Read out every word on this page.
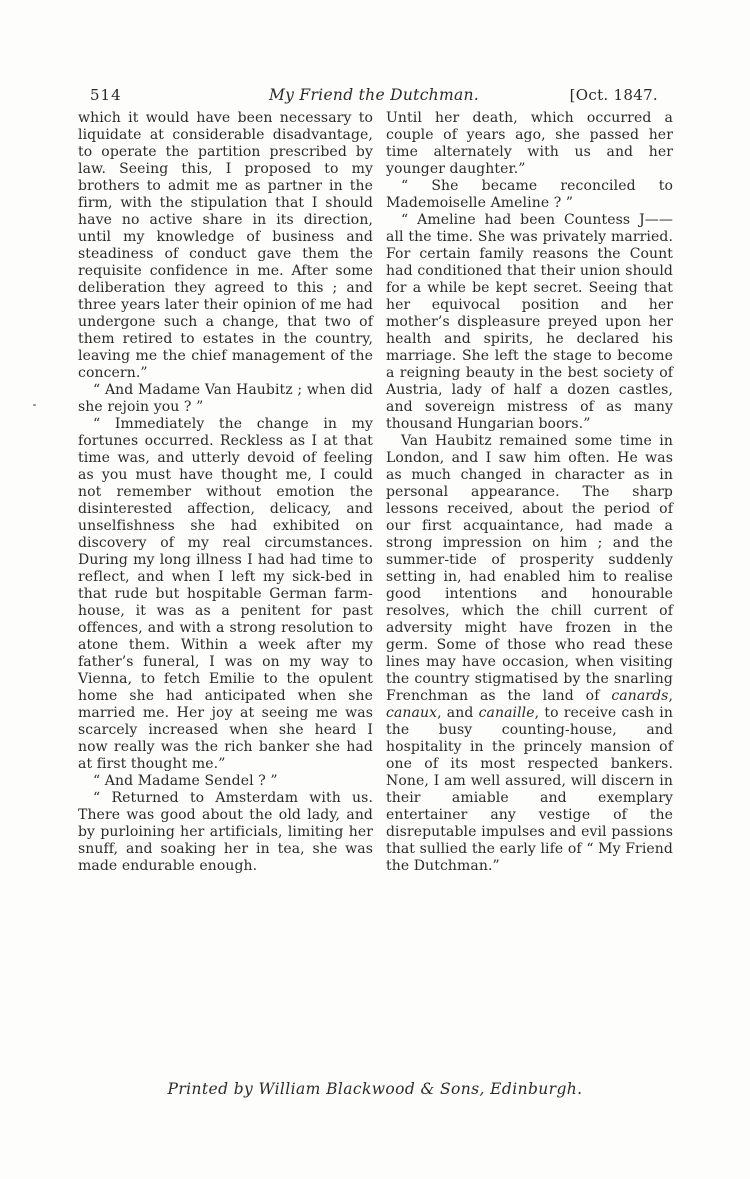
514	My Friend the Dutchman.	[Oct. 1847.

which it would have been necessary to liquidate at considerable disadvantage, to operate the partition prescribed by law. Seeing this, I proposed to my brothers to admit me as partner in the firm, with the stipulation that I should have no active share in its direction, until my knowledge of business and steadiness of conduct gave them the requisite confidence in me. After some deliberation they agreed to this ; and three years later their opinion of me had undergone such a change, that two of them retired to estates in the country, leaving me the chief management of the concern.”

“ And Madame Van Haubitz ; when did she rejoin you ? ”

“ Immediately the change in my fortunes occurred. Reckless as I at that time was, and utterly devoid of feeling as you must have thought me, I could not remember without emotion the disinterested affection, delicacy, and unselfishness she had exhibited on discovery of my real circumstances. During my long illness I had had time to reflect, and when I left my sick-bed in that rude but hospitable German farm-house, it was as a penitent for past offences, and with a strong resolution to atone them. Within a week after my father’s funeral, I was on my way to Vienna, to fetch Emilie to the opulent home she had anticipated when she married me. Her joy at seeing me was scarcely increased when she heard I now really was the rich banker she had at first thought me.”

“ And Madame Sendel ? ”

“ Returned to Amsterdam with us. There was good about the old lady, and by purloining her artificials, limiting her snuff, and soaking her in tea, she was made endurable enough.

Until her death, which occurred a couple of years ago, she passed her time alternately with us and her younger daughter.”

“ She became reconciled to Mademoiselle Ameline ? ”

“ Ameline had been Countess J—— all the time. She was privately married. For certain family reasons the Count had conditioned that their union should for a while be kept secret. Seeing that her equivocal position and her mother’s displeasure preyed upon her health and spirits, he declared his marriage. She left the stage to become a reigning beauty in the best society of Austria, lady of half a dozen castles, and sovereign mistress of as many thousand Hungarian boors.”

Van Haubitz remained some time in London, and I saw him often. He was as much changed in character as in personal appearance. The sharp lessons received, about the period of our first acquaintance, had made a strong impression on him ; and the summer-tide of prosperity suddenly setting in, had enabled him to realise good intentions and honourable resolves, which the chill current of adversity might have frozen in the germ. Some of those who read these lines may have occasion, when visiting the country stigmatised by the snarling Frenchman as the land of canards, canaux, and canaille, to receive cash in the busy counting-house, and hospitality in the princely mansion of one of its most respected bankers. None, I am well assured, will discern in their amiable and exemplary entertainer any vestige of the disreputable impulses and evil passions that sullied the early life of “ My Friend the Dutchman.”

Printed by William Blackwood & Sons, Edinburgh.
